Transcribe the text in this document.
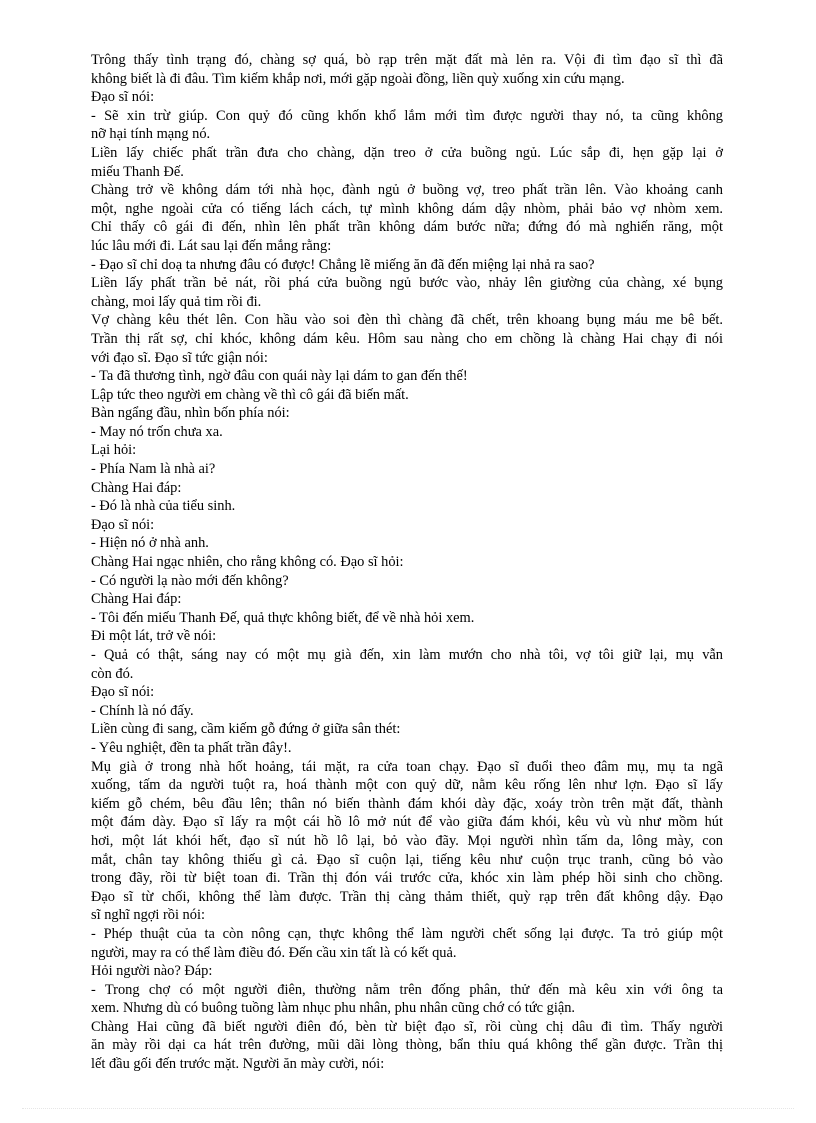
Trông thấy tình trạng đó, chàng sợ quá, bò rạp trên mặt đất mà lẻn ra. Vội đi tìm đạo sĩ thì đã
không biết là đi đâu. Tìm kiếm khắp nơi, mới gặp ngoài đồng, liền quỳ xuống xin cứu mạng.
Đạo sĩ nói:
- Sẽ xin trừ giúp. Con quỷ đó cũng khốn khổ lắm mới tìm được người thay nó, ta cũng không
nỡ hại tính mạng nó.
Liền lấy chiếc phất trần đưa cho chàng, dặn treo ở cửa buồng ngủ. Lúc sắp đi, hẹn gặp lại ở
miếu Thanh Đế.
Chàng trở về không dám tới nhà học, đành ngủ ở buồng vợ, treo phất trần lên. Vào khoảng canh
một, nghe ngoài cửa có tiếng lách cách, tự mình không dám dậy nhòm, phải bảo vợ nhòm xem.
Chỉ thấy cô gái đi đến, nhìn lên phất trần không dám bước nữa; đứng đó mà nghiến răng, một
lúc lâu mới đi. Lát sau lại đến mắng rằng:
- Đạo sĩ chỉ doạ ta nhưng đâu có được! Chẳng lẽ miếng ăn đã đến miệng lại nhả ra sao?
Liền lấy phất trần bẻ nát, rồi phá cửa buồng ngủ bước vào, nhảy lên giường của chàng, xé bụng
chàng, moi lấy quả tim rồi đi.
Vợ chàng kêu thét lên. Con hầu vào soi đèn thì chàng đã chết, trên khoang bụng máu me bê bết.
Trần thị rất sợ, chỉ khóc, không dám kêu. Hôm sau nàng cho em chồng là chàng Hai chạy đi nói
với đạo sĩ. Đạo sĩ tức giận nói:
- Ta đã thương tình, ngờ đâu con quái này lại dám to gan đến thế!
Lập tức theo người em chàng về thì cô gái đã biến mất.
Bàn ngẩng đầu, nhìn bốn phía nói:
- May nó trốn chưa xa.
Lại hỏi:
- Phía Nam là nhà ai?
Chàng Hai đáp:
- Đó là nhà của tiểu sinh.
Đạo sĩ nói:
- Hiện nó ở nhà anh.
Chàng Hai ngạc nhiên, cho rằng không có. Đạo sĩ hỏi:
- Có người lạ nào mới đến không?
Chàng Hai đáp:
- Tôi đến miếu Thanh Đế, quả thực không biết, để về nhà hỏi xem.
Đi một lát, trở về nói:
- Quả có thật, sáng nay có một mụ già đến, xin làm mướn cho nhà tôi, vợ tôi giữ lại, mụ vẫn
còn đó.
Đạo sĩ nói:
- Chính là nó đấy.
Liền cùng đi sang, cầm kiếm gỗ đứng ở giữa sân thét:
- Yêu nghiệt, đền ta phất trần đây!.
Mụ già ở trong nhà hốt hoảng, tái mặt, ra cửa toan chạy. Đạo sĩ đuổi theo đâm mụ, mụ ta ngã
xuống, tấm da người tuột ra, hoá thành một con quỷ dữ, nằm kêu rống lên như lợn. Đạo sĩ lấy
kiếm gỗ chém, bêu đầu lên; thân nó biến thành đám khói dày đặc, xoáy tròn trên mặt đất, thành
một đám dày. Đạo sĩ lấy ra một cái hồ lô mở nút để vào giữa đám khói, kêu vù vù như mồm hút
hơi, một lát khói hết, đạo sĩ nút hồ lô lại, bỏ vào đãy. Mọi người nhìn tấm da, lông mày, con
mắt, chân tay không thiếu gì cả. Đạo sĩ cuộn lại, tiếng kêu như cuộn trục tranh, cũng bỏ vào
trong đãy, rồi từ biệt toan đi. Trần thị đón vái trước cửa, khóc xin làm phép hồi sinh cho chồng.
Đạo sĩ từ chối, không thể làm được. Trần thị càng thảm thiết, quỳ rạp trên đất không dậy. Đạo
sĩ nghĩ ngợi rồi nói:
- Phép thuật của ta còn nông cạn, thực không thể làm người chết sống lại được. Ta trỏ giúp một
người, may ra có thể làm điều đó. Đến cầu xin tất là có kết quả.
Hỏi người nào? Đáp:
- Trong chợ có một người điên, thường nằm trên đống phân, thử đến mà kêu xin với ông ta
xem. Nhưng dù có buông tuồng làm nhục phu nhân, phu nhân cũng chớ có tức giận.
Chàng Hai cũng đã biết người điên đó, bèn từ biệt đạo sĩ, rồi cùng chị dâu đi tìm. Thấy người
ăn mày rồi dại ca hát trên đường, mũi dãi lòng thòng, bẩn thỉu quá không thể gần được. Trần thị
lết đầu gối đến trước mặt. Người ăn mày cười, nói:
